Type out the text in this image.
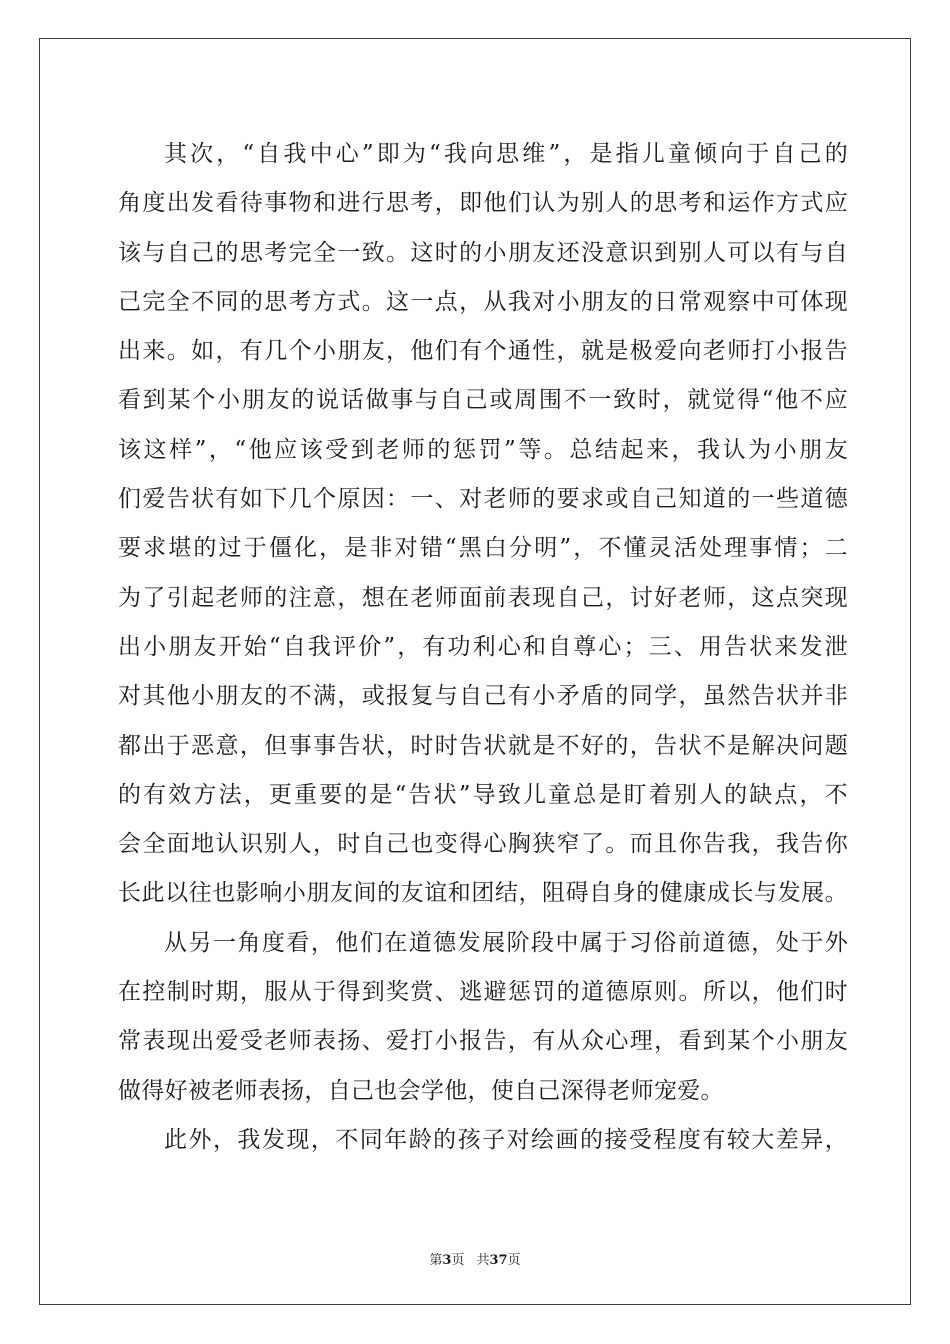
其次，“自我中心”即为“我向思维”，是指儿童倾向于自己的
角度出发看待事物和进行思考，即他们认为别人的思考和运作方式应
该与自己的思考完全一致。这时的小朋友还没意识到别人可以有与自
己完全不同的思考方式。这一点，从我对小朋友的日常观察中可体现
出来。如，有几个小朋友，他们有个通性，就是极爱向老师打小报告
看到某个小朋友的说话做事与自己或周围不一致时，就觉得“他不应
该这样”，“他应该受到老师的惩罚”等。总结起来，我认为小朋友
们爱告状有如下几个原因：一、对老师的要求或自己知道的一些道德
要求堪的过于僵化，是非对错“黑白分明”，不懂灵活处理事情；二
为了引起老师的注意，想在老师面前表现自己，讨好老师，这点突现
出小朋友开始“自我评价”，有功利心和自尊心；三、用告状来发泄
对其他小朋友的不满，或报复与自己有小矛盾的同学，虽然告状并非
都出于恶意，但事事告状，时时告状就是不好的，告状不是解决问题
的有效方法，更重要的是“告状”导致儿童总是盯着别人的缺点，不
会全面地认识别人，时自己也变得心胸狭窄了。而且你告我，我告你
长此以往也影响小朋友间的友谊和团结，阻碍自身的健康成长与发展。
从另一角度看，他们在道德发展阶段中属于习俗前道德，处于外
在控制时期，服从于得到奖赏、逃避惩罚的道德原则。所以，他们时
常表现出爱受老师表扬、爱打小报告，有从众心理，看到某个小朋友
做得好被老师表扬，自己也会学他，使自己深得老师宠爱。
此外，我发现，不同年龄的孩子对绘画的接受程度有较大差异，
第3页 共37页
